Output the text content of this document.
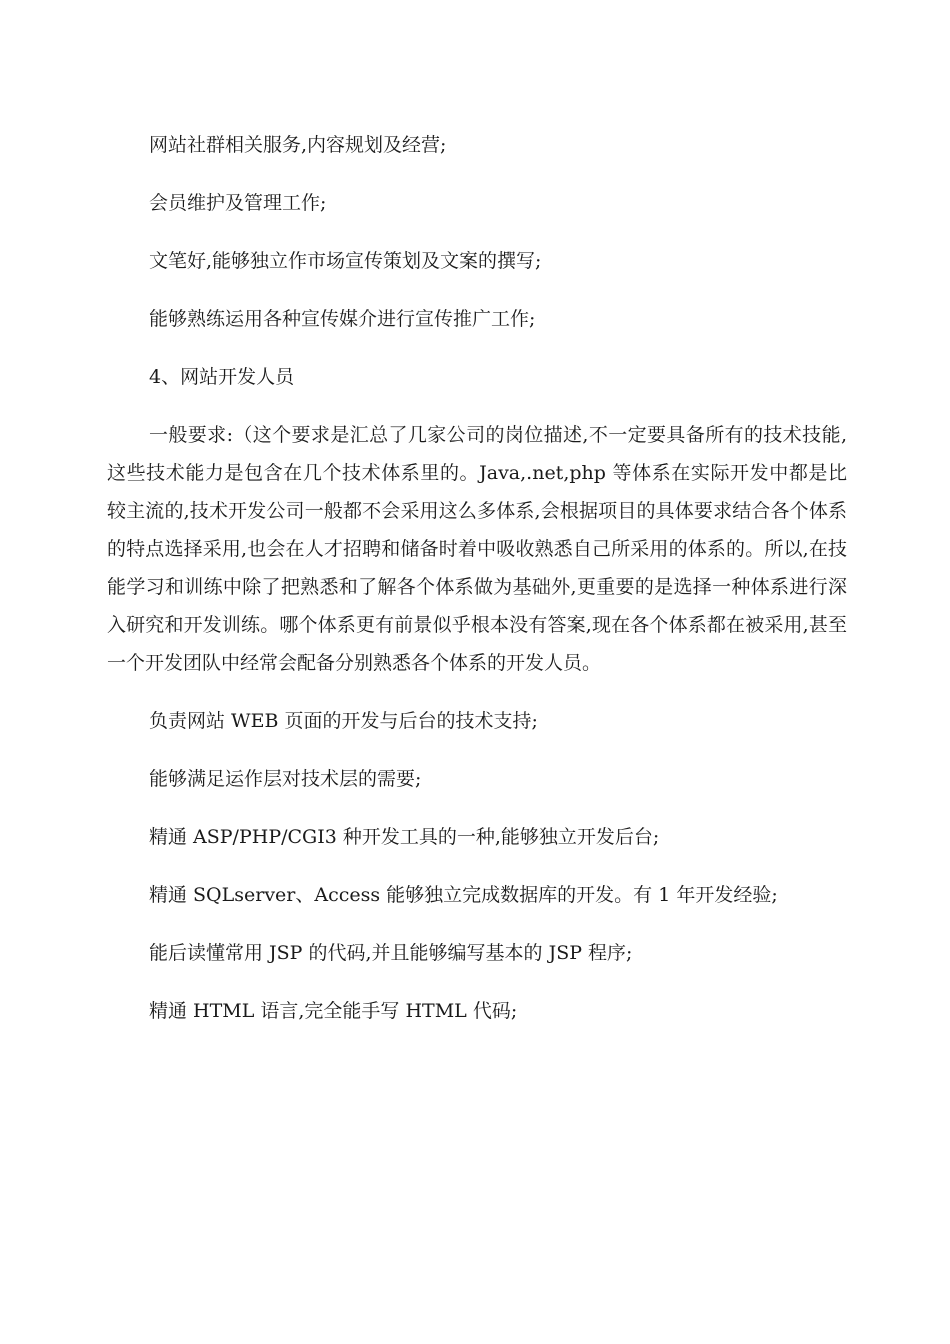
网站社群相关服务,内容规划及经营;

会员维护及管理工作;

文笔好,能够独立作市场宣传策划及文案的撰写;

能够熟练运用各种宣传媒介进行宣传推广工作;

4、网站开发人员

一般要求:（这个要求是汇总了几家公司的岗位描述,不一定要具备所有的技术技能,这些技术能力是包含在几个技术体系里的。Java,.net,php 等体系在实际开发中都是比较主流的,技术开发公司一般都不会采用这么多体系,会根据项目的具体要求结合各个体系的特点选择采用,也会在人才招聘和储备时着中吸收熟悉自己所采用的体系的。所以,在技能学习和训练中除了把熟悉和了解各个体系做为基础外,更重要的是选择一种体系进行深入研究和开发训练。哪个体系更有前景似乎根本没有答案,现在各个体系都在被采用,甚至一个开发团队中经常会配备分别熟悉各个体系的开发人员。

负责网站 WEB 页面的开发与后台的技术支持;

能够满足运作层对技术层的需要;

精通 ASP/PHP/CGI3 种开发工具的一种,能够独立开发后台;

精通 SQLserver、Access 能够独立完成数据库的开发。有 1 年开发经验;

能后读懂常用 JSP 的代码,并且能够编写基本的 JSP 程序;

精通 HTML 语言,完全能手写 HTML 代码;
